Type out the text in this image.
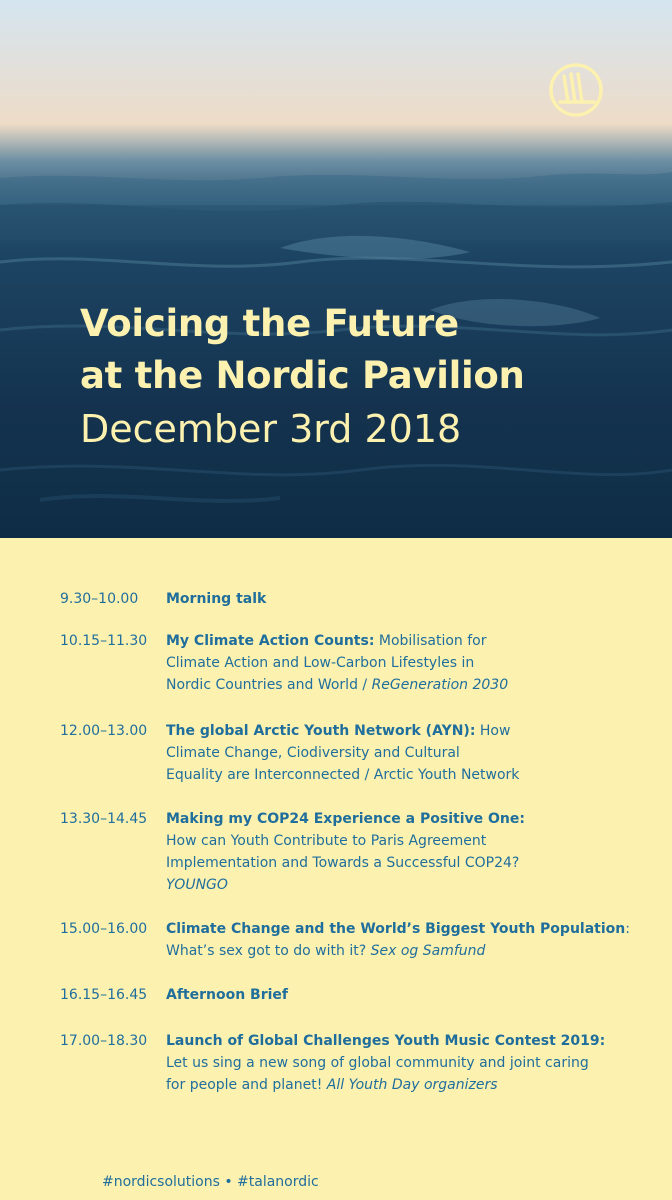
Voicing the Future
at the Nordic Pavilion
December 3rd 2018
9.30–10.00	Morning talk
10.15–11.30	My Climate Action Counts: Mobilisation for
Climate Action and Low-Carbon Lifestyles in
Nordic Countries and World / ReGeneration 2030
12.00–13.00	The global Arctic Youth Network (AYN): How
Climate Change, Ciodiversity and Cultural
Equality are Interconnected / Arctic Youth Network
13.30–14.45	Making my COP24 Experience a Positive One:
How can Youth Contribute to Paris Agreement
Implementation and Towards a Successful COP24?
YOUNGO
15.00–16.00	Climate Change and the World’s Biggest Youth Population:
What’s sex got to do with it? Sex og Samfund
16.15–16.45	Afternoon Brief
17.00–18.30	Launch of Global Challenges Youth Music Contest 2019:
Let us sing a new song of global community and joint caring
for people and planet! All Youth Day organizers
#nordicsolutions • #talanordic
